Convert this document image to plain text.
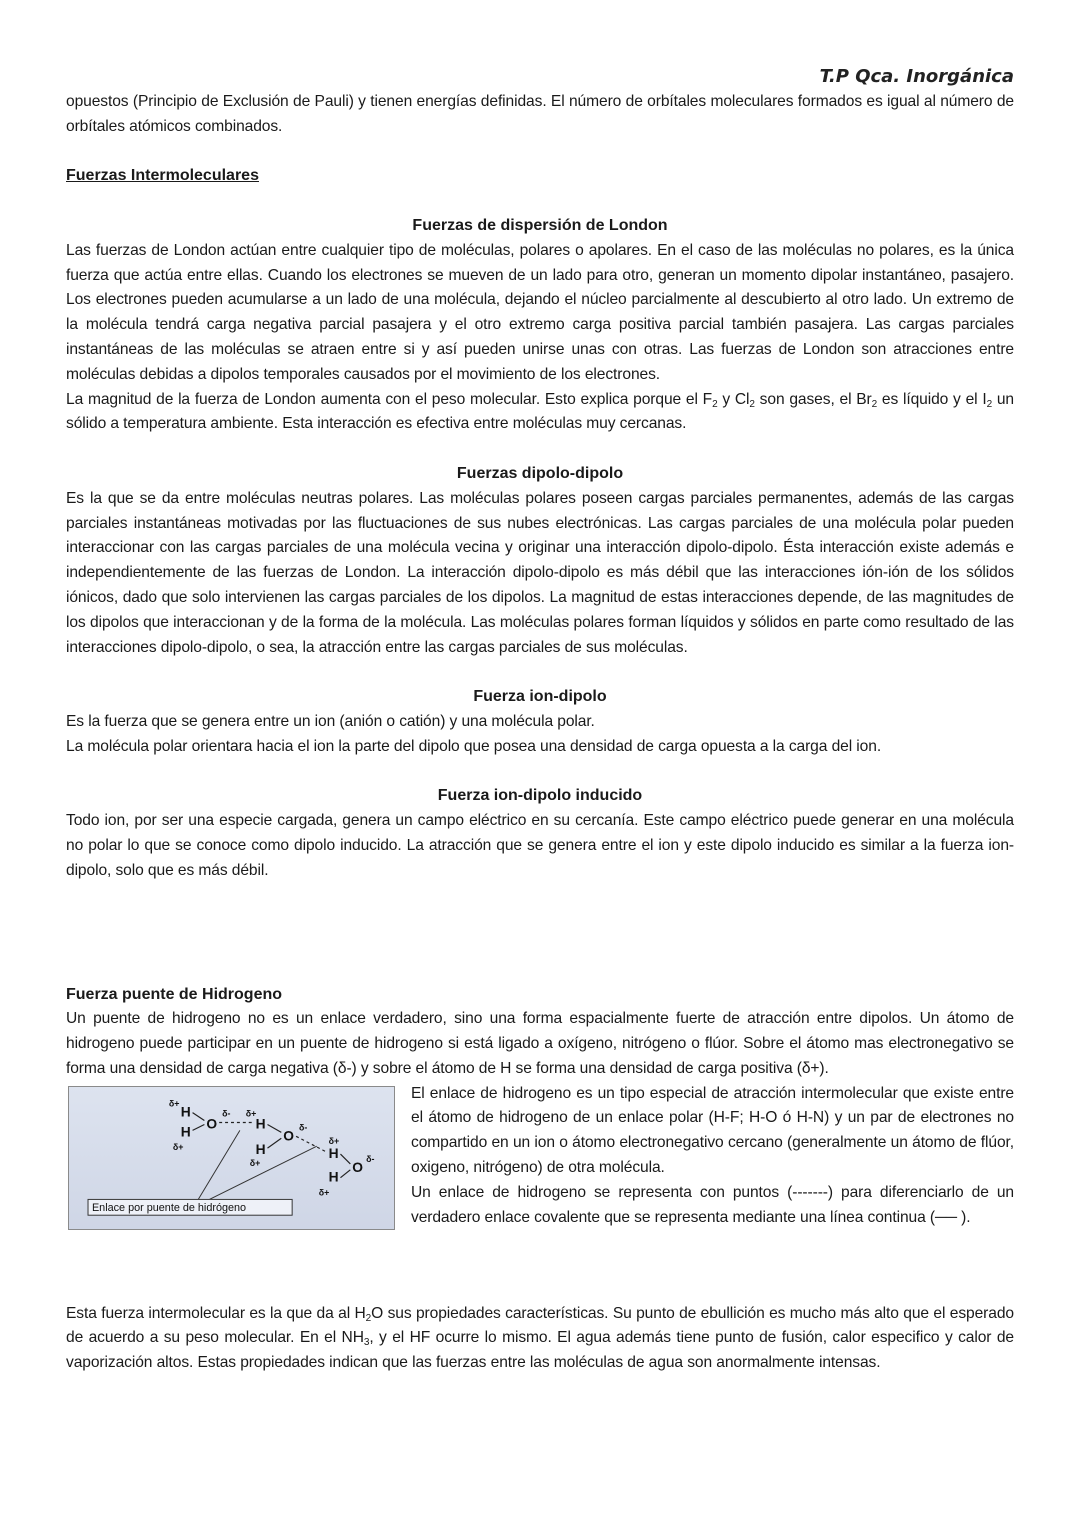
T.P Qca. Inorgánica

opuestos (Principio de Exclusión de Pauli) y tienen energías definidas. El número de orbítales moleculares formados es igual al número de orbítales atómicos combinados.

Fuerzas Intermoleculares
Fuerzas de dispersión de London

Las fuerzas de London actúan entre cualquier tipo de moléculas, polares o apolares. En el caso de las moléculas no polares, es la única fuerza que actúa entre ellas. Cuando los electrones se mueven de un lado para otro, generan un momento dipolar instantáneo, pasajero. Los electrones pueden acumularse a un lado de una molécula, dejando el núcleo parcialmente al descubierto al otro lado. Un extremo de la molécula tendrá carga negativa parcial pasajera y el otro extremo carga positiva parcial también pasajera. Las cargas parciales instantáneas de las moléculas se atraen entre si y así pueden unirse unas con otras. Las fuerzas de London son atracciones entre moléculas debidas a dipolos temporales causados por el movimiento de los electrones.

La magnitud de la fuerza de London aumenta con el peso molecular. Esto explica porque el $F_2$ y $Cl_2$ son gases, el $Br_2$ es líquido y el $I_2$ un sólido a temperatura ambiente. Esta interacción es efectiva entre moléculas muy cercanas.

Fuerzas dipolo-dipolo

Es la que se da entre moléculas neutras polares. Las moléculas polares poseen cargas parciales permanentes, además de las cargas parciales instantáneas motivadas por las fluctuaciones de sus nubes electrónicas. Las cargas parciales de una molécula polar pueden interaccionar con las cargas parciales de una molécula vecina y originar una interacción dipolo-dipolo. Ésta interacción existe además e independientemente de las fuerzas de London. La interacción dipolo-dipolo es más débil que las interacciones ión-ión de los sólidos iónicos, dado que solo intervienen las cargas parciales de los dipolos. La magnitud de estas interacciones depende, de las magnitudes de los dipolos que interaccionan y de la forma de la molécula. Las moléculas polares forman líquidos y sólidos en parte como resultado de las interacciones dipolo-dipolo, o sea, la atracción entre las cargas parciales de sus moléculas.

Fuerza ion-dipolo

Es la fuerza que se genera entre un ion (anión o catión) y una molécula polar.

La molécula polar orientara hacia el ion la parte del dipolo que posea una densidad de carga opuesta a la carga del ion.

Fuerza ion-dipolo inducido

Todo ion, por ser una especie cargada, genera un campo eléctrico en su cercanía. Este campo eléctrico puede generar en una molécula no polar lo que se conoce como dipolo inducido. La atracción que se genera entre el ion y este dipolo inducido es similar a la fuerza ion- dipolo, solo que es más débil.

Fuerza puente de Hidrogeno

Un puente de hidrogeno no es un enlace verdadero, sino una forma espacialmente fuerte de atracción entre dipolos. Un átomo de hidrogeno puede participar en un puente de hidrogeno si está ligado a oxígeno, nitrógeno o flúor. Sobre el átomo mas electronegativo se forma una densidad de carga negativa (δ-) y sobre el átomo de H se forma una densidad de carga positiva (δ+).

H
H
O
δ+
δ+
δ-
H
H
O
δ+
δ+
δ-
H
H
O
δ+
δ+
δ-
Enlace por puente de hidrógeno

El enlace de hidrogeno es un tipo especial de atracción intermolecular que existe entre el átomo de hidrogeno de un enlace polar (H-F; H-O ó H-N) y un par de electrones no compartido en un ion o átomo electronegativo cercano (generalmente un átomo de flúor, oxigeno, nitrógeno) de otra molécula.

Un enlace de hidrogeno se representa con puntos (-------) para diferenciarlo de un verdadero enlace covalente que se representa mediante una línea continua (── ).

Esta fuerza intermolecular es la que da al $H_2O$ sus propiedades características. Su punto de ebullición es mucho más alto que el esperado de acuerdo a su peso molecular. En el $NH_3$, y el HF ocurre lo mismo. El agua además tiene punto de fusión, calor especifico y calor de vaporización altos. Estas propiedades indican que las fuerzas entre las moléculas de agua son anormalmente intensas.
